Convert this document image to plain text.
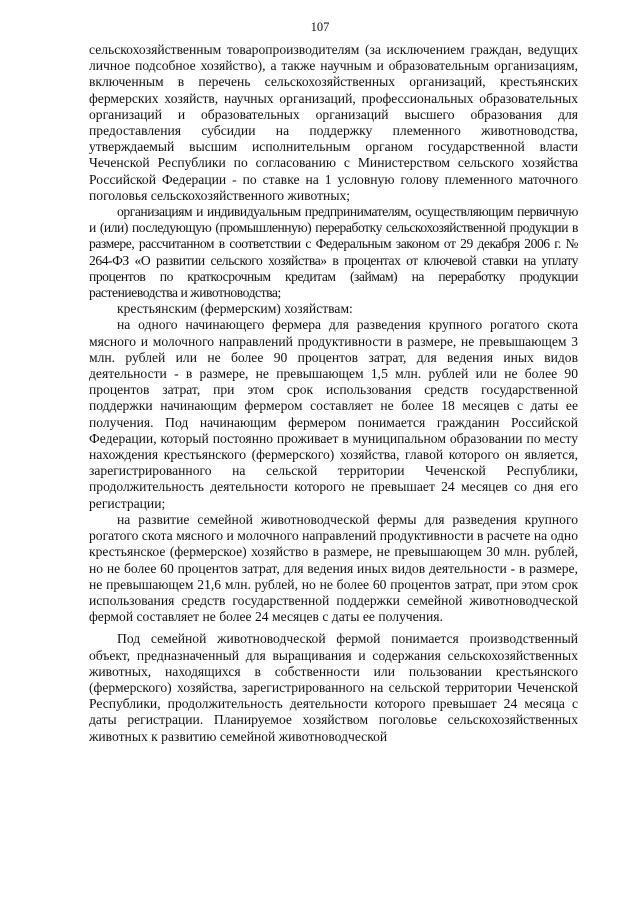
107

сельскохозяйственным товаропроизводителям (за исключением граждан, ведущих личное подсобное хозяйство), а также научным и образовательным организациям, включенным в перечень сельскохозяйственных организаций, крестьянских фермерских хозяйств, научных организаций, профессиональных образовательных организаций и образовательных организаций высшего образования для предоставления субсидии на поддержку племенного животноводства, утверждаемый высшим исполнительным органом государственной власти Чеченской Республики по согласованию с Министерством сельского хозяйства Российской Федерации - по ставке на 1 условную голову племенного маточного поголовья сельскохозяйственного животных;

организациям и индивидуальным предпринимателям, осуществляющим первичную и (или) последующую (промышленную) переработку сельскохозяйственной продукции в размере, рассчитанном в соответствии с Федеральным законом от 29 декабря 2006 г. № 264-ФЗ «О развитии сельского хозяйства» в процентах от ключевой ставки на уплату процентов по краткосрочным кредитам (займам) на переработку продукции растениеводства и животноводства;

крестьянским (фермерским) хозяйствам:

на одного начинающего фермера для разведения крупного рогатого скота мясного и молочного направлений продуктивности в размере, не превышающем 3 млн. рублей или не более 90 процентов затрат, для ведения иных видов деятельности - в размере, не превышающем 1,5 млн. рублей или не более 90 процентов затрат, при этом срок использования средств государственной поддержки начинающим фермером составляет не более 18 месяцев с даты ее получения. Под начинающим фермером понимается гражданин Российской Федерации, который постоянно проживает в муниципальном образовании по месту нахождения крестьянского (фермерского) хозяйства, главой которого он является, зарегистрированного на сельской территории Чеченской Республики, продолжительность деятельности которого не превышает 24 месяцев со дня его регистрации;

на развитие семейной животноводческой фермы для разведения крупного рогатого скота мясного и молочного направлений продуктивности в расчете на одно крестьянское (фермерское) хозяйство в размере, не превышающем 30 млн. рублей, но не более 60 процентов затрат, для ведения иных видов деятельности - в размере, не превышающем 21,6 млн. рублей, но не более 60 процентов затрат, при этом срок использования средств государственной поддержки семейной животноводческой фермой составляет не более 24 месяцев с даты ее получения.

Под семейной животноводческой фермой понимается производственный объект, предназначенный для выращивания и содержания сельскохозяйственных животных, находящихся в собственности или пользовании крестьянского (фермерского) хозяйства, зарегистрированного на сельской территории Чеченской Республики, продолжительность деятельности которого превышает 24 месяца с даты регистрации. Планируемое хозяйством поголовье сельскохозяйственных животных к развитию семейной животноводческой
